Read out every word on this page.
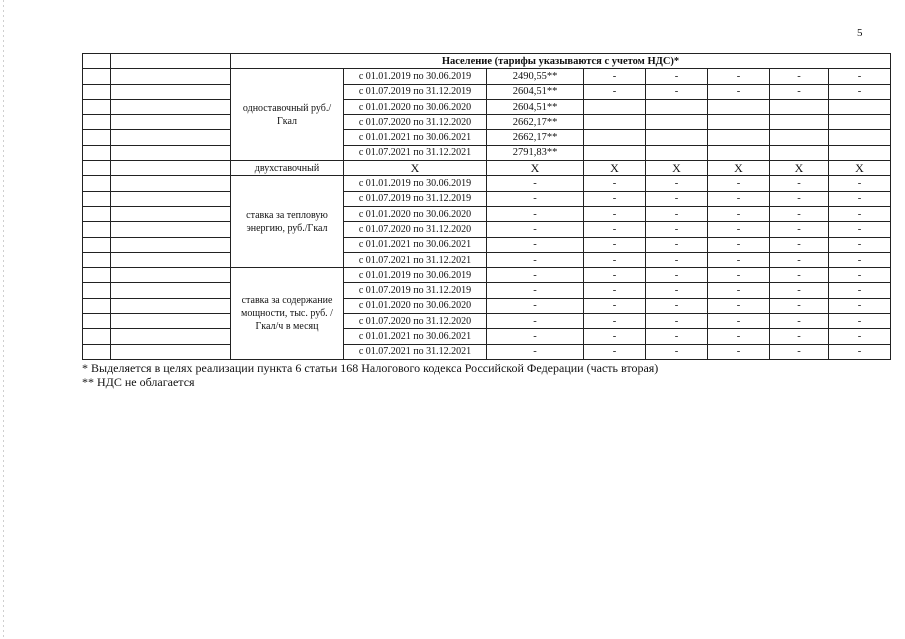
5
		Население (тарифы указываются с учетом НДС)*							
		одноставочный руб./Гкал	с 01.01.2019 по 30.06.2019	2490,55**	-	-	-	-	-
			с 01.07.2019 по 31.12.2019	2604,51**	-	-	-	-	-
			с 01.01.2020 по 30.06.2020	2604,51**					
			с 01.07.2020 по 31.12.2020	2662,17**					
			с 01.01.2021 по 30.06.2021	2662,17**					
			с 01.07.2021 по 31.12.2021	2791,83**					
		двухставочный	X	X	X	X	X	X	X
		ставка за тепловую энергию, руб./Гкал	с 01.01.2019 по 30.06.2019	-	-	-	-	-	-
			с 01.07.2019 по 31.12.2019	-	-	-	-	-	-
			с 01.01.2020 по 30.06.2020	-	-	-	-	-	-
			с 01.07.2020 по 31.12.2020	-	-	-	-	-	-
			с 01.01.2021 по 30.06.2021	-	-	-	-	-	-
			с 01.07.2021 по 31.12.2021	-	-	-	-	-	-
		ставка за содержание мощности, тыс. руб. /Гкал/ч в месяц	с 01.01.2019 по 30.06.2019	-	-	-	-	-	-
			с 01.07.2019 по 31.12.2019	-	-	-	-	-	-
			с 01.01.2020 по 30.06.2020	-	-	-	-	-	-
			с 01.07.2020 по 31.12.2020	-	-	-	-	-	-
			с 01.01.2021 по 30.06.2021	-	-	-	-	-	-
			с 01.07.2021 по 31.12.2021	-	-	-	-	-	-
* Выделяется в целях реализации пункта 6 статьи 168 Налогового кодекса Российской Федерации (часть вторая)
** НДС не облагается
